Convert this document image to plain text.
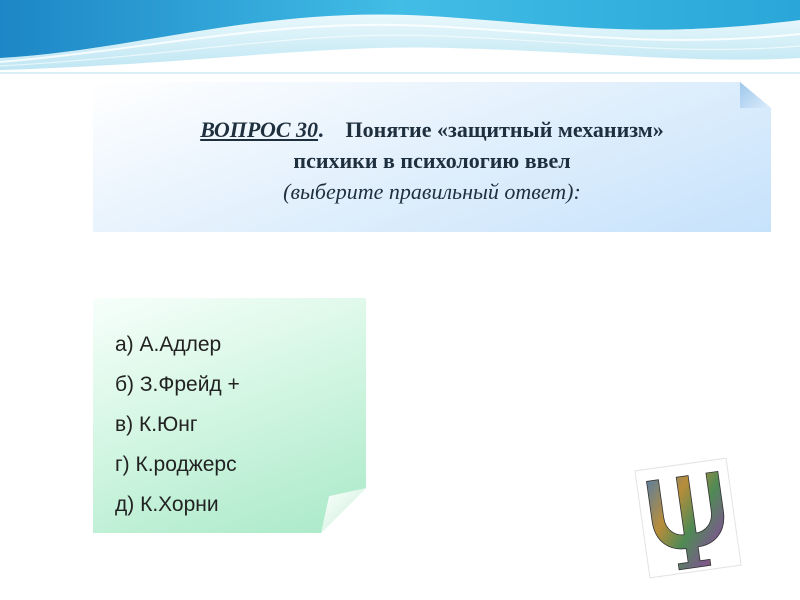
ВОПРОС 30. Понятие «защитный механизм»
психики в психологию ввел
(выберите правильный ответ):
а) А.Адлер
б) З.Фрейд +
в) К.Юнг
г) К.роджерс
д) К.Хорни
